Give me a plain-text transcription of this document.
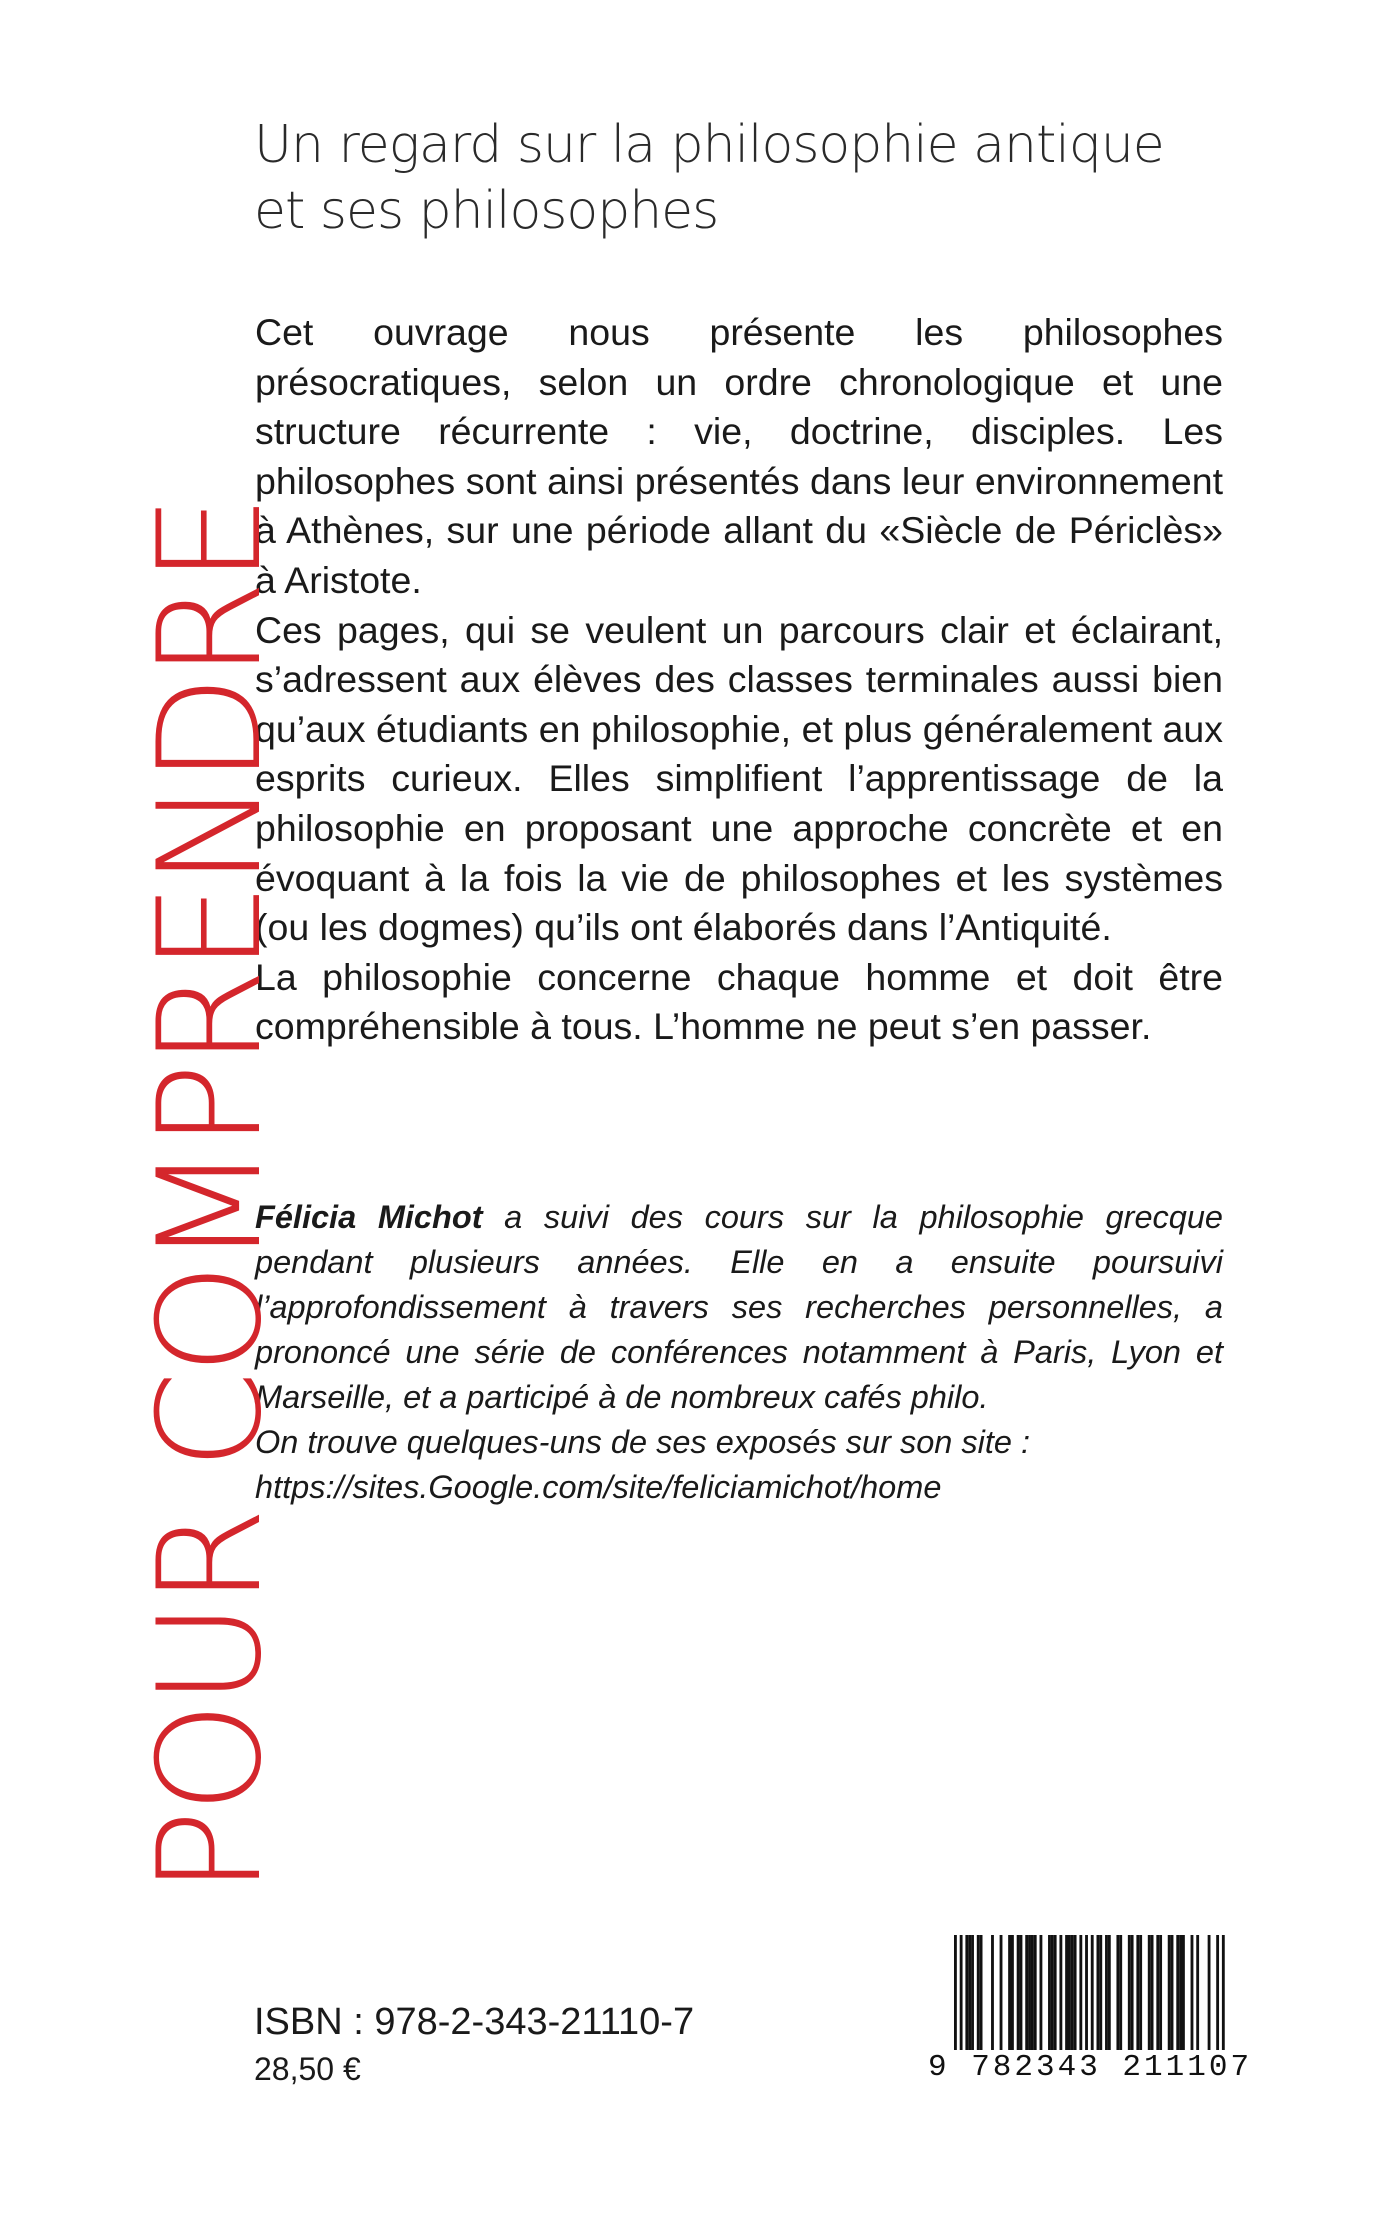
Un regard sur la philosophie antique
et ses philosophes

Cet ouvrage nous présente les philosophes présocratiques, selon un ordre chronologique et une structure récurrente : vie, doctrine, disciples. Les philosophes sont ainsi présentés dans leur environnement à Athènes, sur une période allant du «Siècle de Périclès» à Aristote.

Ces pages, qui se veulent un parcours clair et éclairant, s’adressent aux élèves des classes terminales aussi bien qu’aux étudiants en philosophie, et plus généralement aux esprits curieux. Elles simplifient l’apprentissage de la philosophie en proposant une approche concrète et en évoquant à la fois la vie de philosophes et les systèmes (ou les dogmes) qu’ils ont élaborés dans l’Antiquité.

La philosophie concerne chaque homme et doit être compréhensible à tous. L’homme ne peut s’en passer.

Félicia Michot a suivi des cours sur la philosophie grecque pendant plusieurs années. Elle en a ensuite poursuivi l’approfondissement à travers ses recherches personnelles, a prononcé une série de conférences notamment à Paris, Lyon et Marseille, et a participé à de nombreux cafés philo.

On trouve quelques-uns de ses exposés sur son site :

https://sites.Google.com/site/feliciamichot/home

POUR COMPRENDRE
ISBN : 978-2-343-21110-7
28,50 €	9 782343 211107
